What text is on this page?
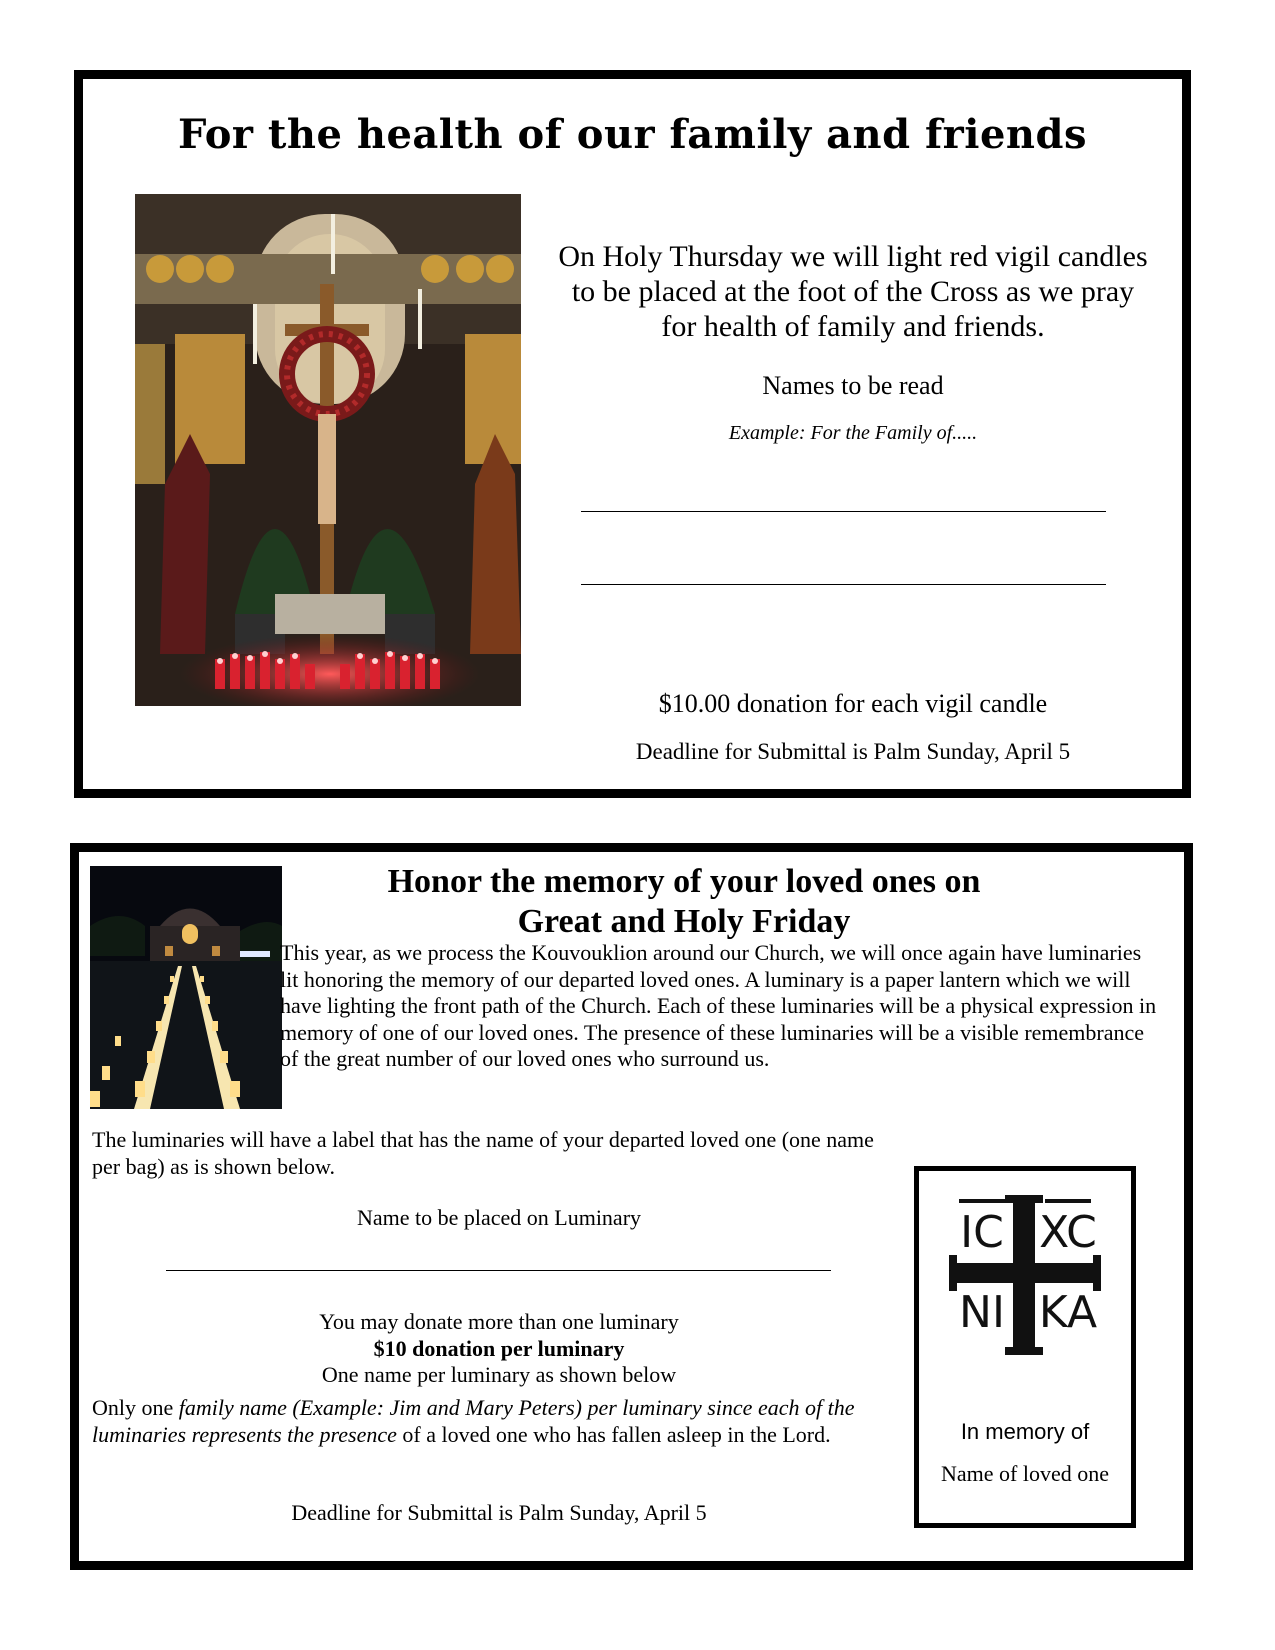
For the health of our family and friends
On Holy Thursday we will light red vigil candles to be placed at the foot of the Cross as we pray for health of family and friends.
Names to be read
Example: For the Family of.....
$10.00 donation for each vigil candle
Deadline for Submittal is Palm Sunday, April 5
Honor the memory of your loved ones on
Great and Holy Friday
This year, as we process the Kouvouklion around our Church, we will once again have luminaries lit honoring the memory of our departed loved ones. A luminary is a paper lantern which we will have lighting the front path of the Church. Each of these luminaries will be a physical expression in memory of one of our loved ones. The presence of these luminaries will be a visible remembrance of the great number of our loved ones who surround us.
The luminaries will have a label that has the name of your departed loved one (one name per bag) as is shown below.
Name to be placed on Luminary
You may donate more than one luminary
$10 donation per luminary
One name per luminary as shown below
Only one family name (Example: Jim and Mary Peters) per luminary since each of the luminaries represents the presence of a loved one who has fallen asleep in the Lord.
Deadline for Submittal is Palm Sunday, April 5
IC XC
NI KA
In memory of
Name of loved one
